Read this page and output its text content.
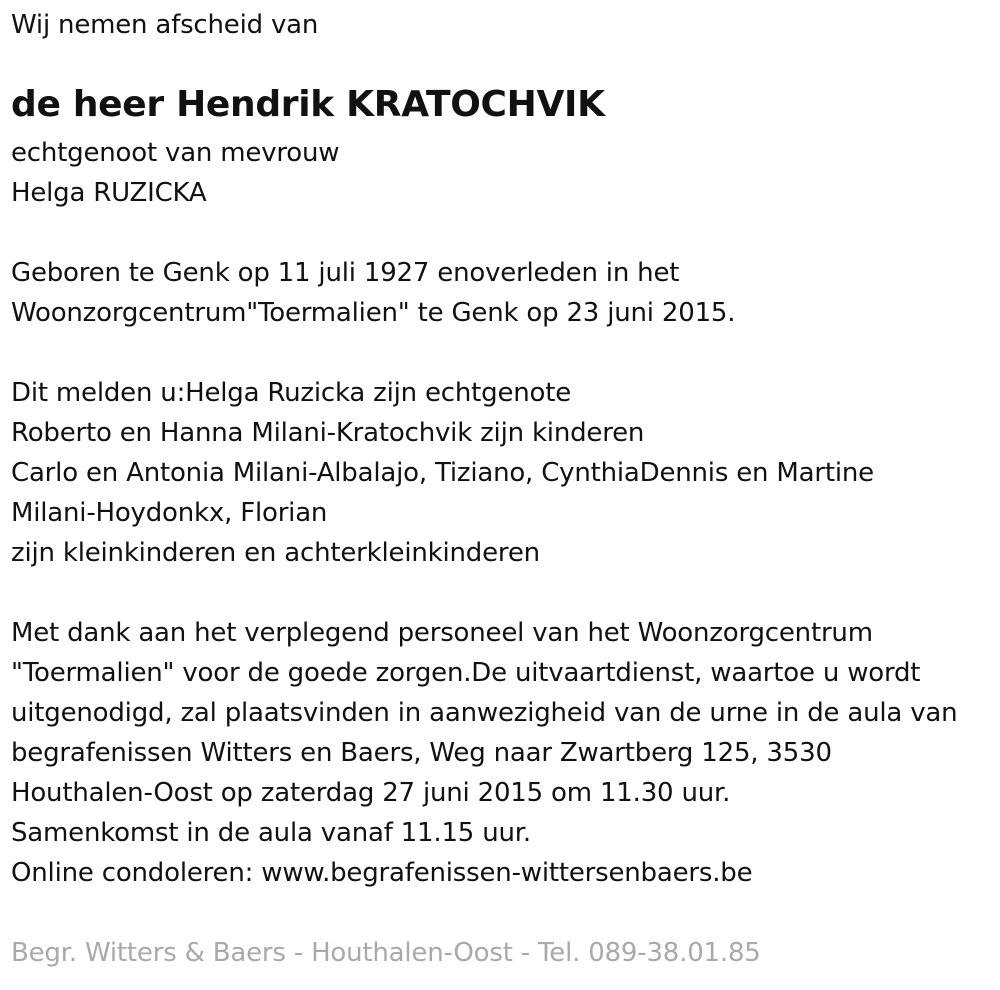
Wij nemen afscheid van
de heer Hendrik KRATOCHVIK
echtgenoot van mevrouw
Helga RUZICKA
Geboren te Genk op 11 juli 1927 enoverleden in het
Woonzorgcentrum"Toermalien" te Genk op 23 juni 2015.
Dit melden u:Helga Ruzicka zijn echtgenote
Roberto en Hanna Milani-Kratochvik zijn kinderen
Carlo en Antonia Milani-Albalajo, Tiziano, CynthiaDennis en Martine
Milani-Hoydonkx, Florian
zijn kleinkinderen en achterkleinkinderen
Met dank aan het verplegend personeel van het Woonzorgcentrum
"Toermalien" voor de goede zorgen.De uitvaartdienst, waartoe u wordt
uitgenodigd, zal plaatsvinden in aanwezigheid van de urne in de aula van
begrafenissen Witters en Baers, Weg naar Zwartberg 125, 3530
Houthalen-Oost op zaterdag 27 juni 2015 om 11.30 uur.
Samenkomst in de aula vanaf 11.15 uur.
Online condoleren: www.begrafenissen-wittersenbaers.be
Begr. Witters & Baers - Houthalen-Oost - Tel. 089-38.01.85
